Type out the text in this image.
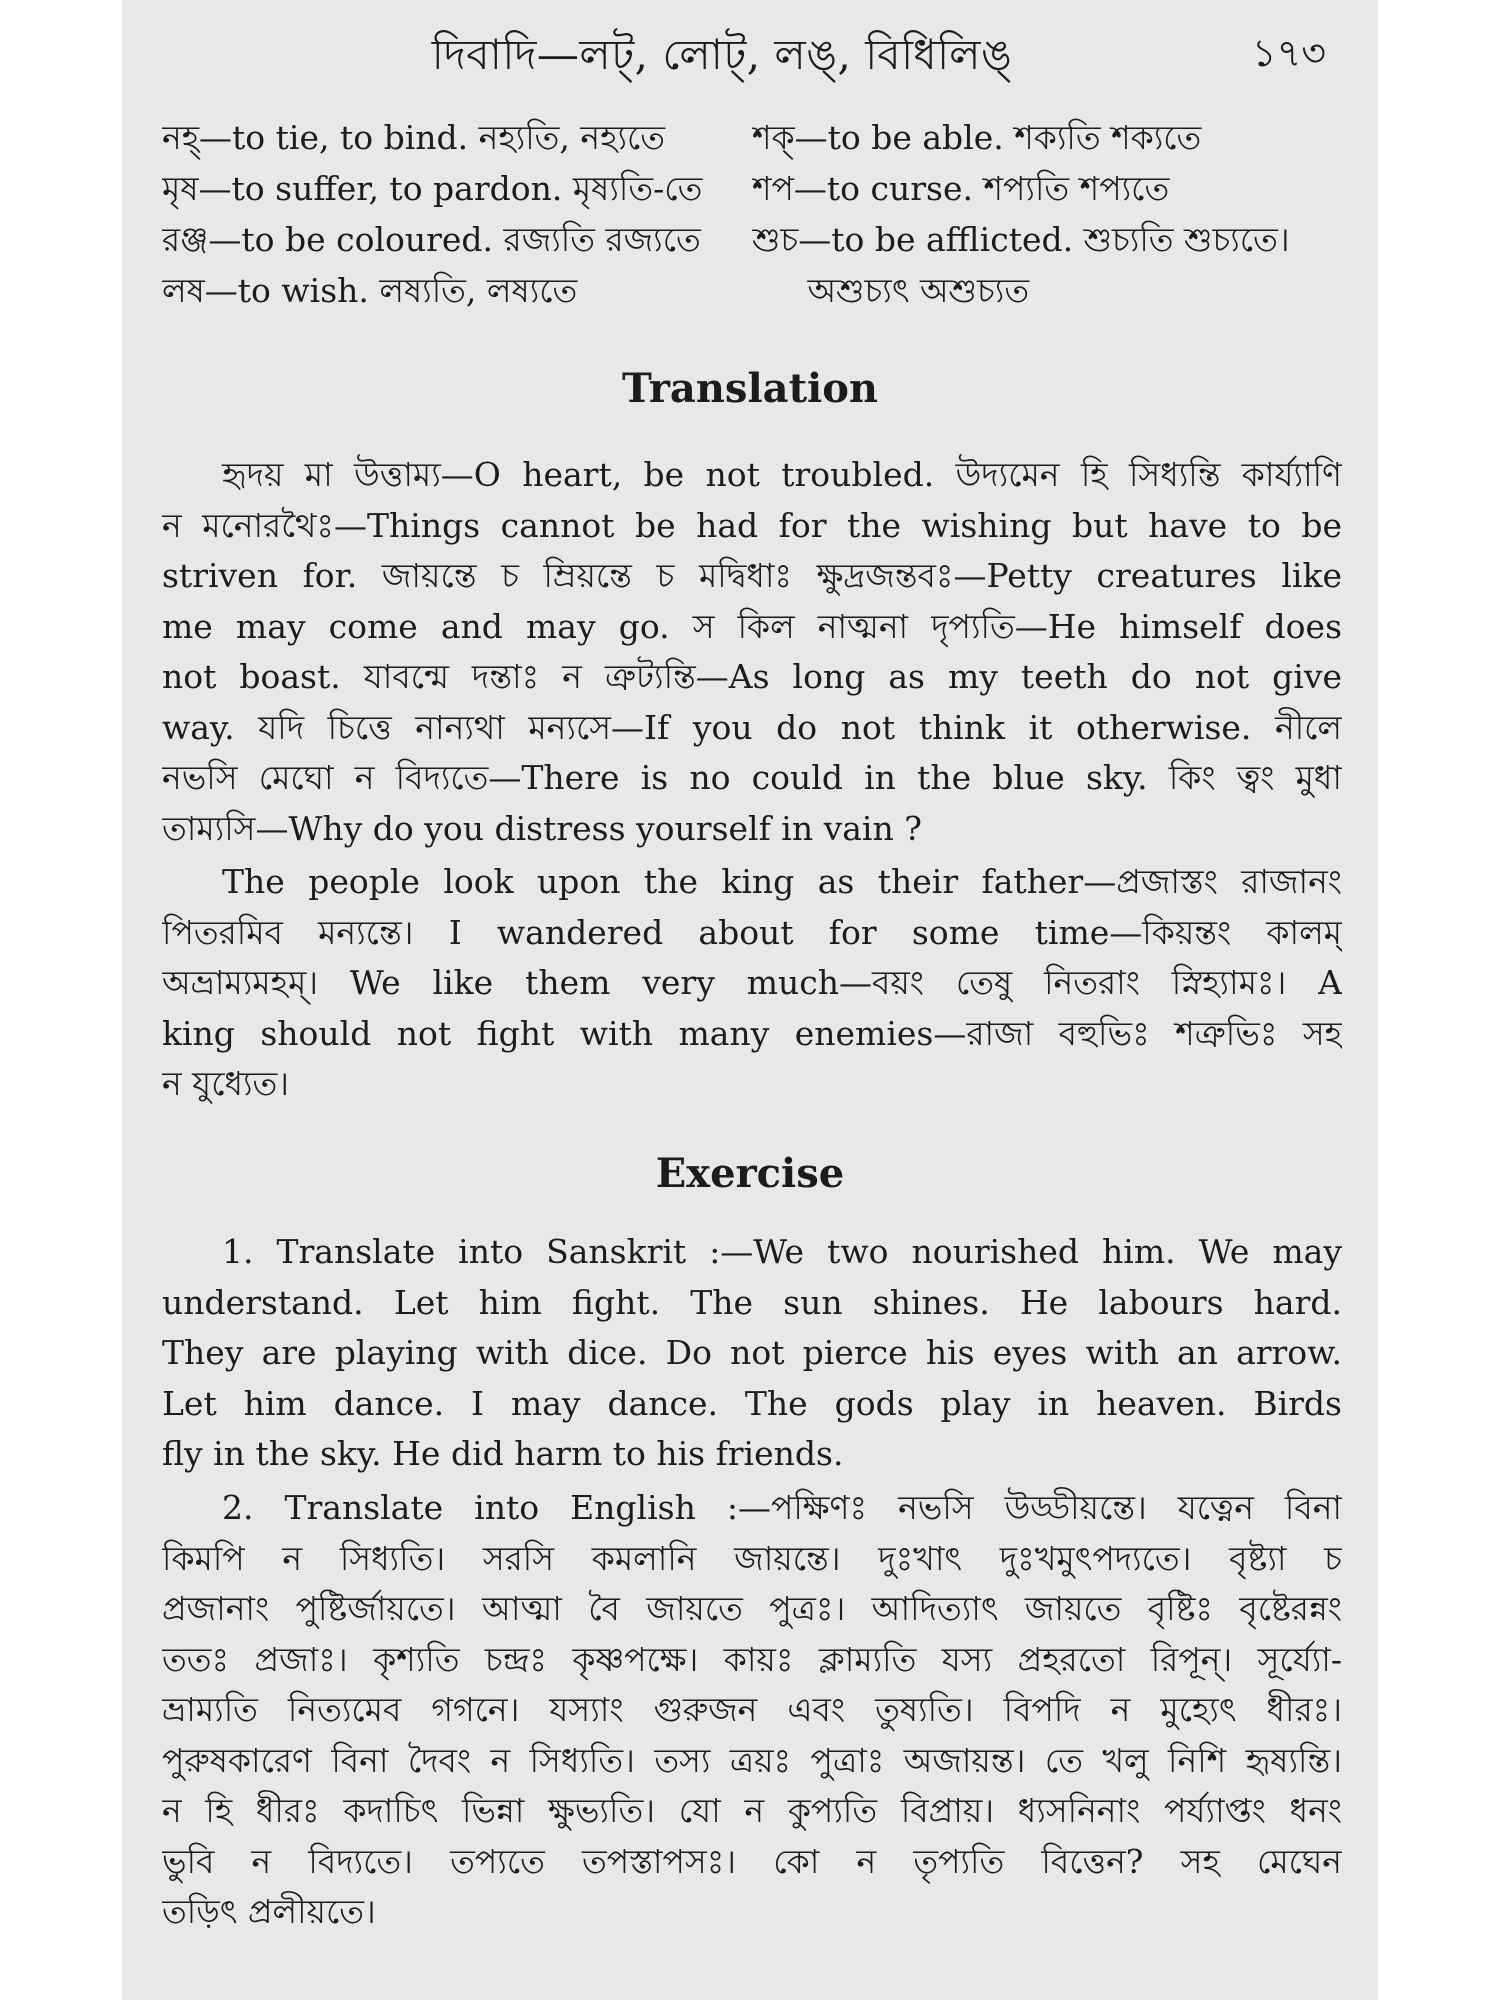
দিবাদি—লট্, লোট্, লঙ্, বিধিলিঙ্	১৭৩
নহ্—to tie, to bind. নহ্যতি, নহ্যতে	শক্—to be able. শক্যতি শক্যতে
মৃষ—to suffer, to pardon. মৃষ্যতি-তে	শপ—to curse. শপ্যতি শপ্যতে
রঞ্জ—to be coloured. রজ্যতি রজ্যতে	শুচ—to be afflicted. শুচ্যতি শুচ্যতে।
লষ—to wish. লষ্যতি, লষ্যতে	অশুচ্যৎ অশুচ্যত
Translation
হৃদয় মা উত্তাম্য—O heart, be not troubled. উদ্যমেন হি সিধ্যন্তি কার্য্যাণি
ন মনোরথৈঃ—Things cannot be had for the wishing but have to be
striven for. জায়ন্তে চ ম্রিয়ন্তে চ মদ্বিধাঃ ক্ষুদ্রজন্তবঃ—Petty creatures like
me may come and may go. স কিল নাত্মনা দৃপ্যতি—He himself does
not boast. যাবন্মে দন্তাঃ ন ত্রুট্যন্তি—As long as my teeth do not give
way. যদি চিত্তে নান্যথা মন্যসে—If you do not think it otherwise. নীলে
নভসি মেঘো ন বিদ্যতে—There is no could in the blue sky. কিং ত্বং মুধা
তাম্যসি—Why do you distress yourself in vain ?
The people look upon the king as their father—প্রজাস্তং রাজানং
পিতরমিব মন্যন্তে। I wandered about for some time—কিয়ন্তং কালম্
অভ্রাম্যমহম্। We like them very much—বয়ং তেষু নিতরাং স্নিহ্যামঃ। A
king should not fight with many enemies—রাজা বহুভিঃ শত্রুভিঃ সহ
ন যুধ্যেত।
Exercise
1. Translate into Sanskrit :—We two nourished him. We may
understand. Let him fight. The sun shines. He labours hard.
They are playing with dice. Do not pierce his eyes with an arrow.
Let him dance. I may dance. The gods play in heaven. Birds
fly in the sky. He did harm to his friends.
2. Translate into English :—পক্ষিণঃ নভসি উড্ডীয়ন্তে। যত্নেন বিনা
কিমপি ন সিধ্যতি। সরসি কমলানি জায়ন্তে। দুঃখাৎ দুঃখমুৎপদ্যতে। বৃষ্ট্যা চ
প্রজানাং পুষ্টির্জায়তে। আত্মা বৈ জায়তে পুত্রঃ। আদিত্যাৎ জায়তে বৃষ্টিঃ বৃষ্টেরন্নং
ততঃ প্রজাঃ। কৃশ্যতি চন্দ্রঃ কৃষ্ণপক্ষে। কায়ঃ ক্লাম্যতি যস্য প্রহরতো রিপূন্। সূর্য্যো-
ভ্রাম্যতি নিত্যমেব গগনে। যস্যাং গুরুজন এবং তুষ্যতি। বিপদি ন মুহ্যেৎ ধীরঃ।
পুরুষকারেণ বিনা দৈবং ন সিধ্যতি। তস্য ত্রয়ঃ পুত্রাঃ অজায়ন্ত। তে খলু নিশি হৃষ্যন্তি।
ন হি ধীরঃ কদাচিৎ ভিন্না ক্ষুভ্যতি। যো ন কুপ্যতি বিপ্রায়। ধ্যসনিনাং পর্য্যাপ্তং ধনং
ভুবি ন বিদ্যতে। তপ্যতে তপস্তাপসঃ। কো ন তৃপ্যতি বিত্তেন? সহ মেঘেন
তড়িৎ প্রলীয়তে।
